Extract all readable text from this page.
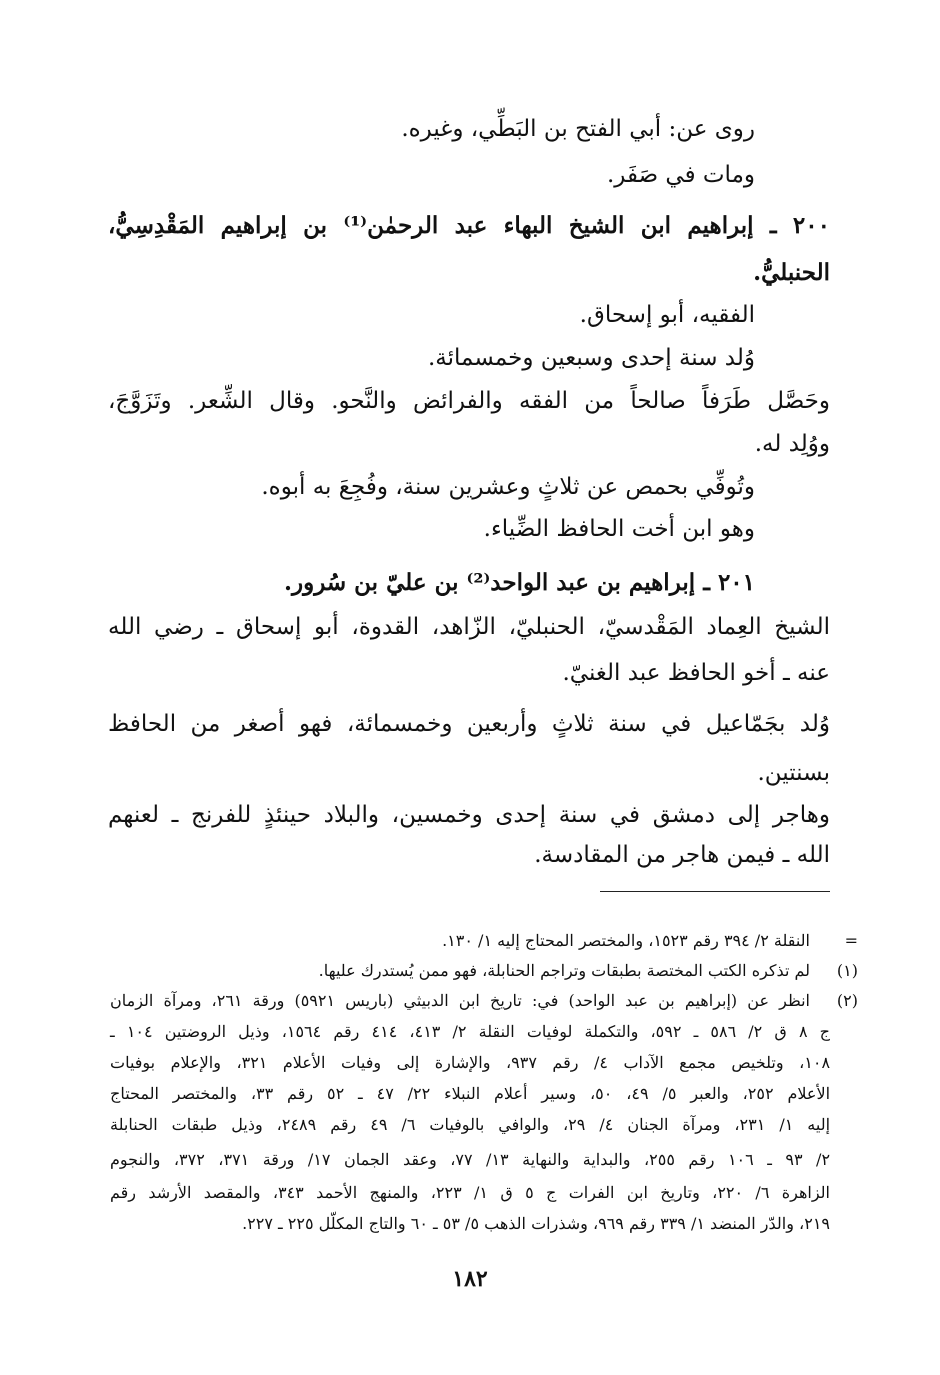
روى عن: أبي الفتح بن البَطِّي، وغيره.
ومات في صَفَر.
٢٠٠ ـ إبراهيم ابن الشيخ البهاء عبد الرحمٰن⁽¹⁾ بن إبراهيم المَقْدِسِيُّ،
الحنبليُّ.
الفقيه، أبو إسحاق.
وُلد سنة إحدى وسبعين وخمسمائة.
وحَصَّل طَرَفاً صالحاً من الفقه والفرائض والنَّحو. وقال الشِّعر. وتَزَوَّجَ،
ووُلِد له.
وتُوفِّي بحمص عن ثلاثٍ وعشرين سنة، وفُجِعَ به أبوه.
وهو ابن أخت الحافظ الضِّياء.
٢٠١ ـ إبراهيم بن عبد الواحد⁽²⁾ بن عليّ بن سُرور.
الشيخ العِماد المَقْدسيّ، الحنبليّ، الزّاهد، القدوة، أبو إسحاق ـ رضي الله
عنه ـ أخو الحافظ عبد الغنيّ.
وُلد بجَمّاعيل في سنة ثلاثٍ وأربعين وخمسمائة، فهو أصغر من الحافظ
بسنتين.
وهاجر إلى دمشق في سنة إحدى وخمسين، والبلاد حينئذٍ للفرنج ـ لعنهم
الله ـ فيمن هاجر من المقادسة.
=
النقلة ٢/ ٣٩٤ رقم ١٥٢٣، والمختصر المحتاج إليه ١/ ١٣٠.
(١)
لم تذكره الكتب المختصة بطبقات وتراجم الحنابلة، فهو ممن يُستدرك عليها.
(٢)
انظر عن (إبراهيم بن عبد الواحد) في: تاريخ ابن الدبيثي (باريس ٥٩٢١) ورقة ٢٦١، ومرآة الزمان
ج ٨ ق ٢/ ٥٨٦ ـ ٥٩٢، والتكملة لوفيات النقلة ٢/ ٤١٣، ٤١٤ رقم ١٥٦٤، وذيل الروضتين ١٠٤ ـ
١٠٨، وتلخيص مجمع الآداب ٤/ رقم ٩٣٧، والإشارة إلى وفيات الأعلام ٣٢١، والإعلام بوفيات
الأعلام ٢٥٢، والعبر ٥/ ٤٩، ٥٠، وسير أعلام النبلاء ٢٢/ ٤٧ ـ ٥٢ رقم ٣٣، والمختصر المحتاج
إليه ١/ ٢٣١، ومرآة الجنان ٤/ ٢٩، والوافي بالوفيات ٦/ ٤٩ رقم ٢٤٨٩، وذيل طبقات الحنابلة
٢/ ٩٣ ـ ١٠٦ رقم ٢٥٥، والبداية والنهاية ١٣/ ٧٧، وعقد الجمان ١٧/ ورقة ٣٧١، ٣٧٢، والنجوم
الزاهرة ٦/ ٢٢٠، وتاريخ ابن الفرات ج ٥ ق ١/ ٢٢٣، والمنهج الأحمد ٣٤٣، والمقصد الأرشد رقم
٢١٩، والدّر المنضد ١/ ٣٣٩ رقم ٩٦٩، وشذرات الذهب ٥/ ٥٣ ـ ٦٠ والتاج المكلّل ٢٢٥ ـ ٢٢٧.
١٨٢
